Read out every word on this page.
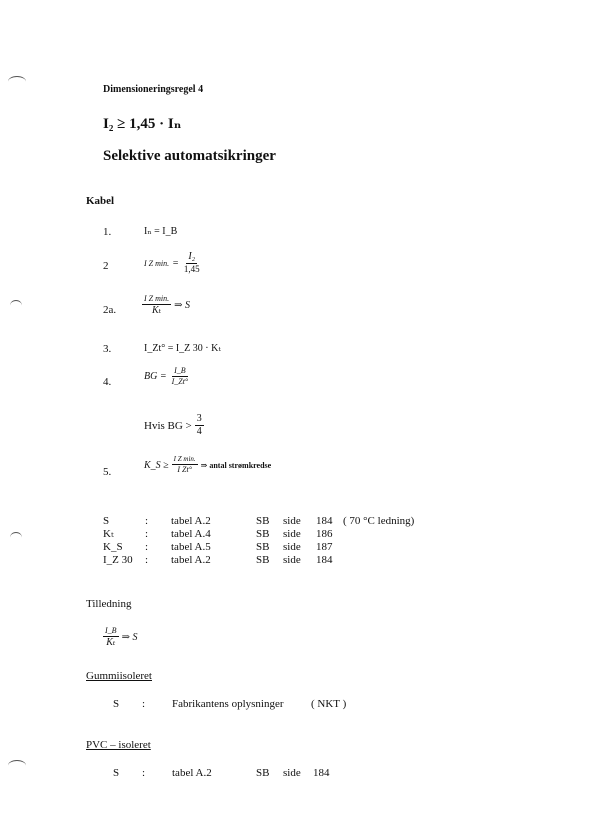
Dimensioneringsregel 4
I₂ ≥ 1,45 · Iₙ
Selektive automatsikringer
Kabel
1.	Iₙ = I_B
2	I Z min. = $\frac{\text{I₂}}{1,45}$
2a.	$\frac{\text{I Z min.}}{\text{Kₜ}}$ ⇒ S
3.	I_Zt° = I_Z 30 · Kₜ
4.	BG = $\frac{I\_B}{I\_Zt^\circ}$
Hvis BG > $\frac{3}{4}$
5.
K_S ≥ $\frac{\text{I Z min.}}{\text{I Zt°}}$ ⇒ antal strømkredse
S	: tabel A.2	SB side 184 ( 70 °C ledning)
Kₜ	: tabel A.4	SB side 186
K_S : tabel A.5	SB side 187
I_Z 30 : tabel A.2	SB side 184
Tilledning
$\frac{I\_B}{\text{Kₜ}}$ ⇒ S
Gummiisoleret
S : Fabrikantens oplysninger ( NKT )
PVC – isoleret
S : tabel A.2	SB side 184
